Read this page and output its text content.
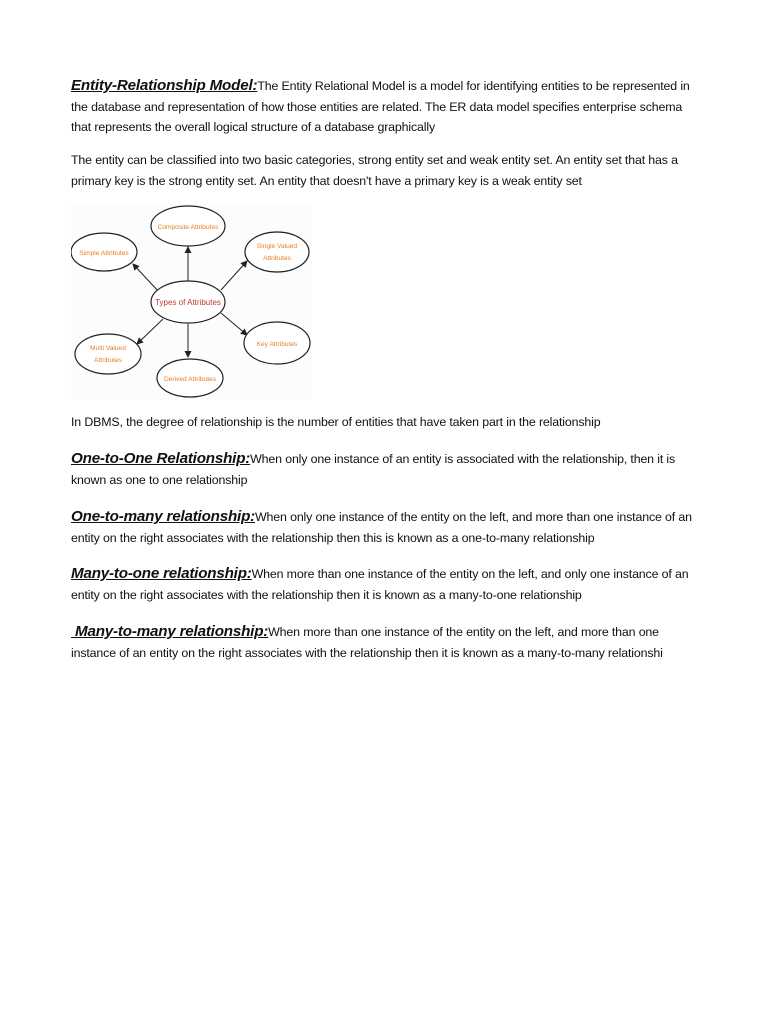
Entity-Relationship Model:The Entity Relational Model is a model for identifying entities to be represented in the database and representation of how those entities are related. The ER data model specifies enterprise schema that represents the overall logical structure of a database graphically

The entity can be classified into two basic categories, strong entity set and weak entity set. An entity set that has a primary key is the strong entity set. An entity that doesn't have a primary key is a weak entity set

Types of Attributes
Composite Attributes
Simple Attributes
Single Valued
Attributes
Multi Valued
Attributes
Derived Attributes
Key Attributes

In DBMS, the degree of relationship is the number of entities that have taken part in the relationship

One-to-One Relationship:When only one instance of an entity is associated with the relationship, then it is known as one to one relationship

One-to-many relationship:When only one instance of the entity on the left, and more than one instance of an entity on the right associates with the relationship then this is known as a one-to-many relationship

Many-to-one relationship:When more than one instance of the entity on the left, and only one instance of an entity on the right associates with the relationship then it is known as a many-to-one relationship

Many-to-many relationship:When more than one instance of the entity on the left, and more than one instance of an entity on the right associates with the relationship then it is known as a many-to-many relationshi
